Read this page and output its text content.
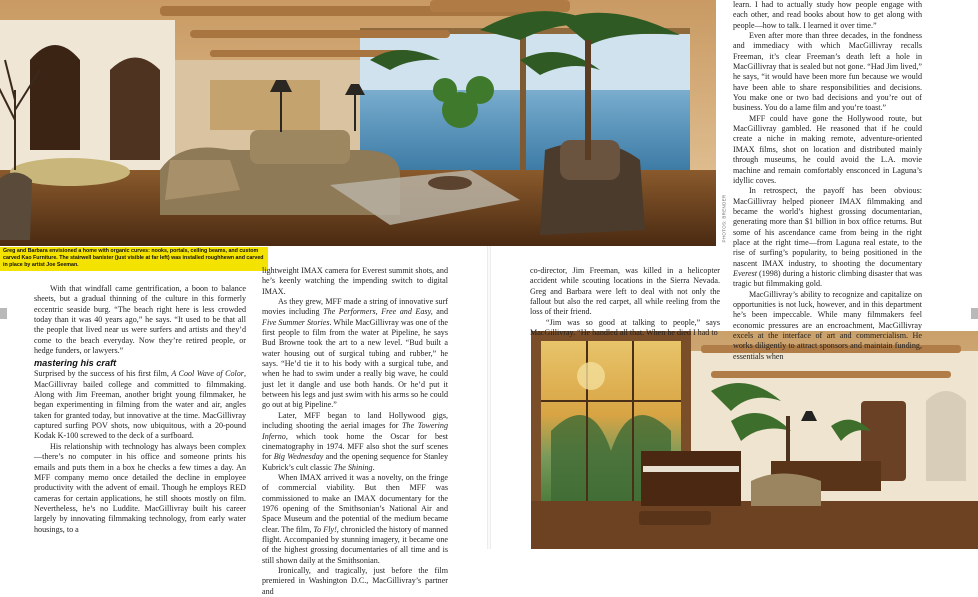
PHOTOS: BRENDER
Greg and Barbara envisioned a home with organic curves: nooks, portals, ceiling beams, and custom carved Kao Furniture. The stairwell banister (just visible at far left) was installed roughhewn and carved in place by artist Joe Seeman.

With that windfall came gentrification, a boon to balance sheets, but a gradual thinning of the culture in this formerly eccentric seaside burg. “The beach right here is less crowded today than it was 40 years ago,” he says. “It used to be that all the people that lived near us were surfers and artists and they’d come to the beach everyday. Now they’re retired people, or hedge funders, or lawyers.”

mastering his craft

Surprised by the success of his first film, A Cool Wave of Color, MacGillivray bailed college and committed to filmmaking. Along with Jim Freeman, another bright young filmmaker, he began experimenting in filming from the water and air, angles taken for granted today, but innovative at the time. MacGillivray captured surfing POV shots, now ubiquitous, with a 20-pound Kodak K-100 screwed to the deck of a surfboard.

His relationship with technology has always been complex—there’s no computer in his office and someone prints his emails and puts them in a box he checks a few times a day. An MFF company memo once detailed the decline in employee productivity with the advent of email. Though he employs RED cameras for certain applications, he still shoots mostly on film. Nevertheless, he’s no Luddite. MacGillivray built his career largely by innovating filmmaking technology, from early water housings, to a

lightweight IMAX camera for Everest summit shots, and he’s keenly watching the impending switch to digital IMAX.

As they grew, MFF made a string of innovative surf movies including The Performers, Free and Easy, and Five Summer Stories. While MacGillivray was one of the first people to film from the water at Pipeline, he says Bud Browne took the art to a new level. “Bud built a water housing out of surgical tubing and rubber,” he says. “He’d tie it to his body with a surgical tube, and when he had to swim under a really big wave, he could just let it dangle and use both hands. Or he’d put it between his legs and just swim with his arms so he could go out at big Pipeline.”

Later, MFF began to land Hollywood gigs, including shooting the aerial images for The Towering Inferno, which took home the Oscar for best cinematography in 1974. MFF also shot the surf scenes for Big Wednesday and the opening sequence for Stanley Kubrick’s cult classic The Shining.

When IMAX arrived it was a novelty, on the fringe of commercial viability. But then MFF was commissioned to make an IMAX documentary for the 1976 opening of the Smithsonian’s National Air and Space Museum and the potential of the medium became clear. The film, To Fly!, chronicled the history of manned flight. Accompanied by stunning imagery, it became one of the highest grossing documentaries of all time and is still shown daily at the Smithsonian.

Ironically, and tragically, just before the film premiered in Washington D.C., MacGillivray’s partner and

co-director, Jim Freeman, was killed in a helicopter accident while scouting locations in the Sierra Nevada. Greg and Barbara were left to deal with not only the fallout but also the red carpet, all while reeling from the loss of their friend.

“Jim was so good at talking to people,” says MacGillivray. “He handled all that. When he died I had to

learn. I had to actually study how people engage with each other, and read books about how to get along with people—how to talk. I learned it over time.”

Even after more than three decades, in the fondness and immediacy with which MacGillivray recalls Freeman, it’s clear Freeman’s death left a hole in MacGillivray that is sealed but not gone. “Had Jim lived,” he says, “it would have been more fun because we would have been able to share responsibilities and decisions. You make one or two bad decisions and you’re out of business. You do a lame film and you’re toast.”

MFF could have gone the Hollywood route, but MacGillivray gambled. He reasoned that if he could create a niche in making remote, adventure-oriented IMAX films, shot on location and distributed mainly through museums, he could avoid the L.A. movie machine and remain comfortably ensconced in Laguna’s idyllic coves.

In retrospect, the payoff has been obvious: MacGillivray helped pioneer IMAX filmmaking and became the world’s highest grossing documentarian, generating more than $1 billion in box office returns. But some of his ascendance came from being in the right place at the right time—from Laguna real estate, to the rise of surfing’s popularity, to being positioned in the nascent IMAX industry, to shooting the documentary Everest (1998) during a historic climbing disaster that was tragic but filmmaking gold.

MacGillivray’s ability to recognize and capitalize on opportunities is not luck, however, and in this department he’s been impeccable. While many filmmakers feel economic pressures are an encroachment, MacGillivray excels at the interface of art and commercialism. He works diligently to attract sponsors and maintain funding, essentials when
